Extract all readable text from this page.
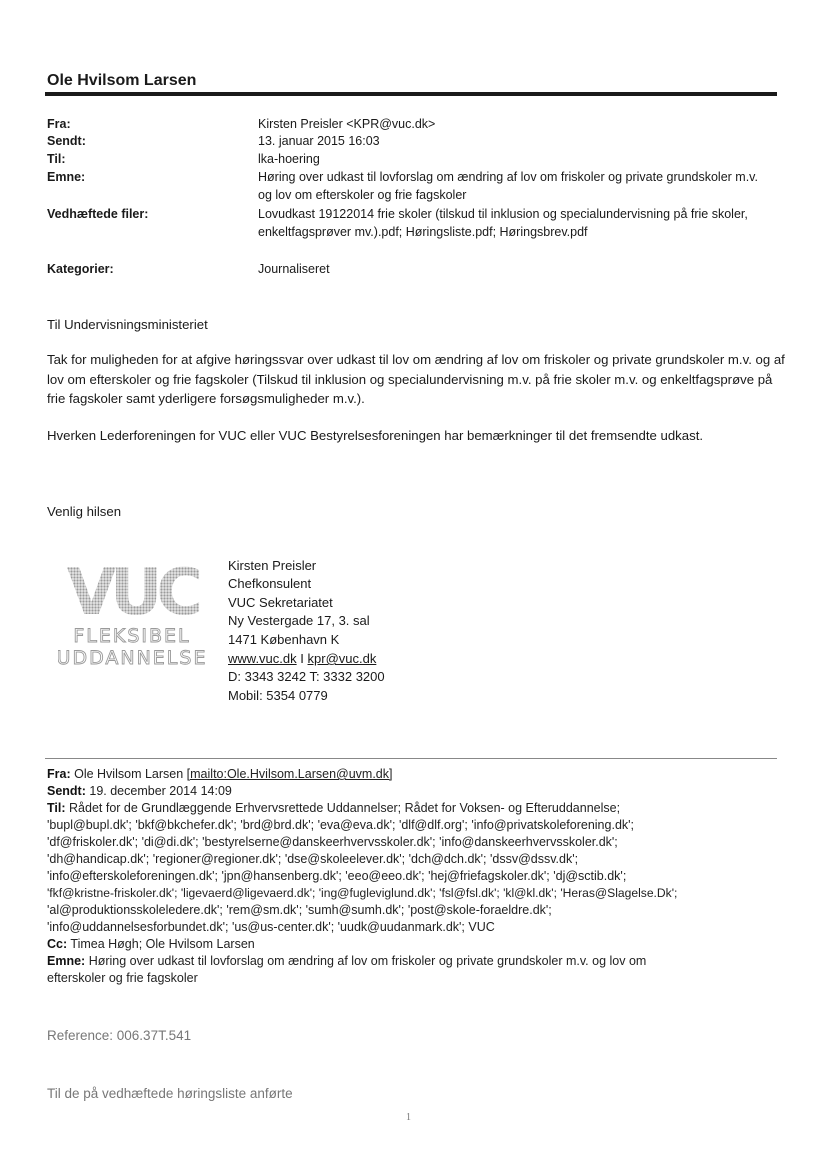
Ole Hvilsom Larsen
Fra:	Kirsten Preisler <KPR@vuc.dk>
Sendt:	13. januar 2015 16:03
Til:	lka-hoering
Emne:	Høring over udkast til lovforslag om ændring af lov om friskoler og private grundskoler m.v. og lov om efterskoler og frie fagskoler
Vedhæftede filer:	Lovudkast 19122014 frie skoler (tilskud til inklusion og specialundervisning på frie skoler, enkeltfagsprøver mv.).pdf; Høringsliste.pdf; Høringsbrev.pdf
Kategorier:	Journaliseret
Til Undervisningsministeriet
Tak for muligheden for at afgive høringssvar over udkast til lov om ændring af lov om friskoler og private grundskoler m.v. og af lov om efterskoler og frie fagskoler (Tilskud til inklusion og specialundervisning m.v. på frie skoler m.v. og enkeltfagsprøve på frie fagskoler samt yderligere forsøgsmuligheder m.v.).
Hverken Lederforeningen for VUC eller VUC Bestyrelsesforeningen har bemærkninger til det fremsendte udkast.
Venlig hilsen
VUC
FLEKSIBEL
UDDANNELSE
Kirsten Preisler
Chefkonsulent
VUC Sekretariatet
Ny Vestergade 17, 3. sal
1471 København K
www.vuc.dk I kpr@vuc.dk
D: 3343 3242 T: 3332 3200
Mobil: 5354 0779
Fra: Ole Hvilsom Larsen [mailto:Ole.Hvilsom.Larsen@uvm.dk]
Sendt: 19. december 2014 14:09
Til: Rådet for de Grundlæggende Erhvervsrettede Uddannelser; Rådet for Voksen- og Efteruddannelse;
'bupl@bupl.dk'; 'bkf@bkchefer.dk'; 'brd@brd.dk'; 'eva@eva.dk'; 'dlf@dlf.org'; 'info@privatskoleforening.dk';
'df@friskoler.dk'; 'di@di.dk'; 'bestyrelserne@danskeerhvervsskoler.dk'; 'info@danskeerhvervsskoler.dk';
'dh@handicap.dk'; 'regioner@regioner.dk'; 'dse@skoleelever.dk'; 'dch@dch.dk'; 'dssv@dssv.dk';
'info@efterskoleforeningen.dk'; 'jpn@hansenberg.dk'; 'eeo@eeo.dk'; 'hej@friefagskoler.dk'; 'dj@sctib.dk';
'fkf@kristne-friskoler.dk'; 'ligevaerd@ligevaerd.dk'; 'ing@fugleviglund.dk'; 'fsl@fsl.dk'; 'kl@kl.dk'; 'Heras@Slagelse.Dk';
'al@produktionsskoleledere.dk'; 'rem@sm.dk'; 'sumh@sumh.dk'; 'post@skole-foraeldre.dk';
'info@uddannelsesforbundet.dk'; 'us@us-center.dk'; 'uudk@uudanmark.dk'; VUC
Cc: Timea Høgh; Ole Hvilsom Larsen
Emne: Høring over udkast til lovforslag om ændring af lov om friskoler og private grundskoler m.v. og lov om
efterskoler og frie fagskoler
Reference: 006.37T.541
Til de på vedhæftede høringsliste anførte
1
